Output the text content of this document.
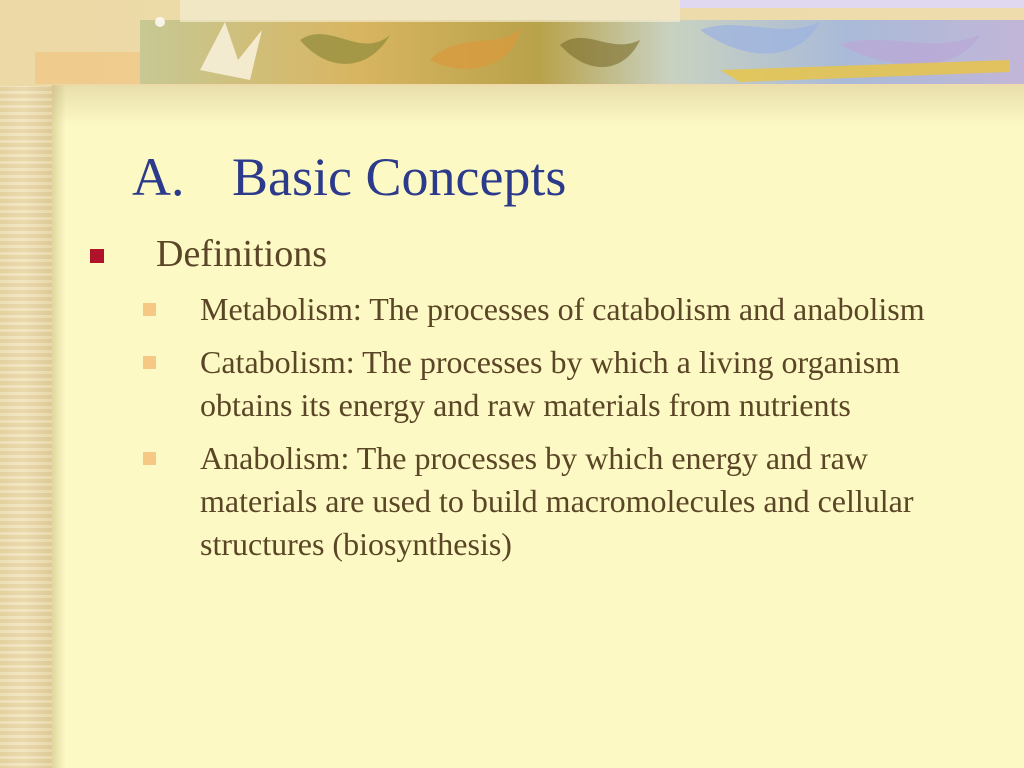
A. Basic Concepts
Definitions
Metabolism: The processes of catabolism and anabolism
Catabolism: The processes by which a living organism obtains its energy and raw materials from nutrients
Anabolism: The processes by which energy and raw materials are used to build macromolecules and cellular structures (biosynthesis)
